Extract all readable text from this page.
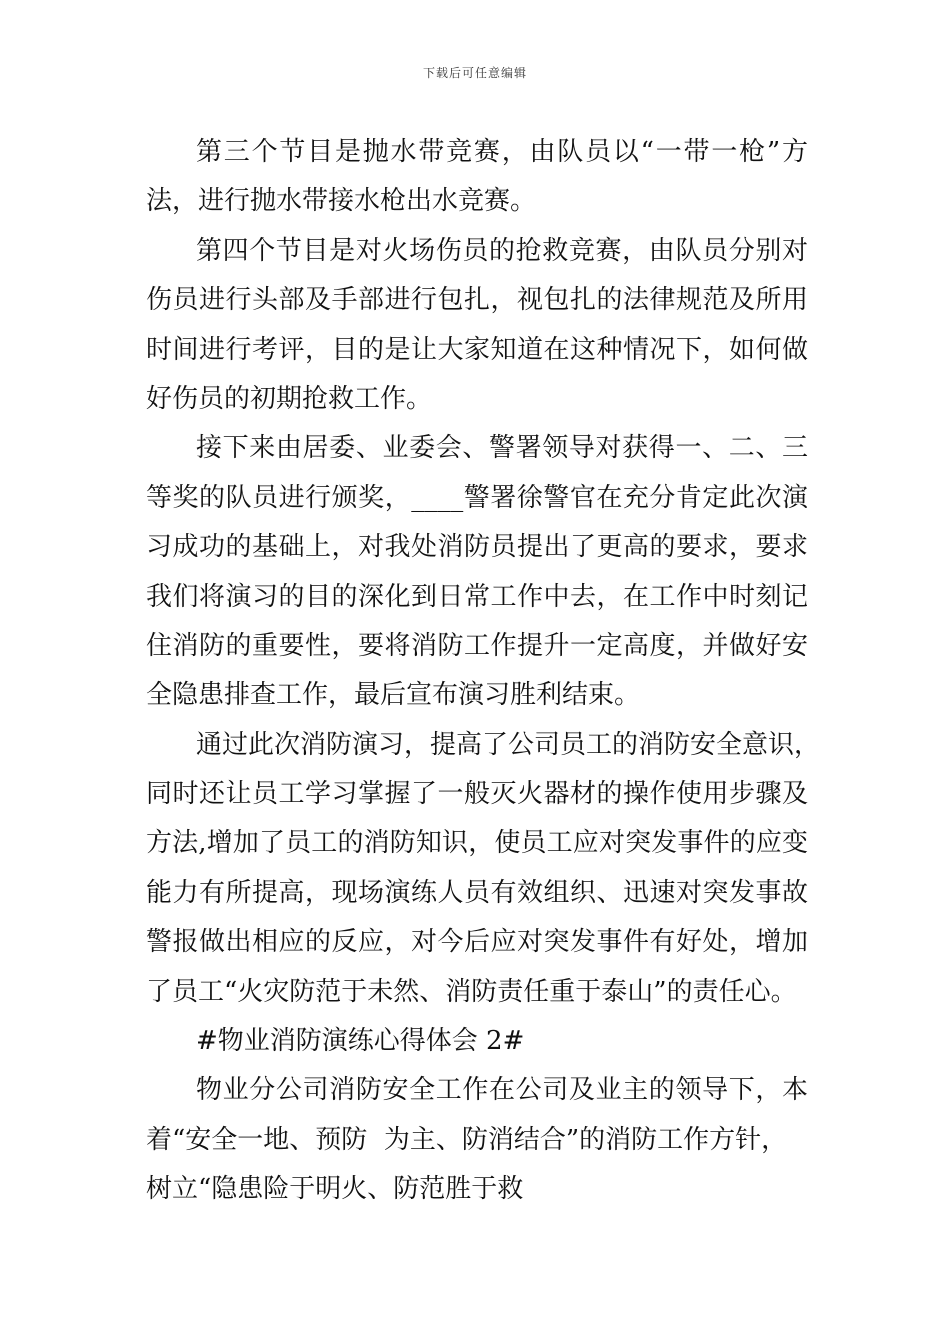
下载后可任意编辑

第三个节目是抛水带竞赛，由队员以“一带一枪”方
法，进行抛水带接水枪出水竞赛。

第四个节目是对火场伤员的抢救竞赛，由队员分别对
伤员进行头部及手部进行包扎，视包扎的法律规范及所用
时间进行考评，目的是让大家知道在这种情况下，如何做
好伤员的初期抢救工作。

接下来由居委、业委会、警署领导对获得一、二、三
等奖的队员进行颁奖，____警署徐警官在充分肯定此次演
习成功的基础上，对我处消防员提出了更高的要求，要求
我们将演习的目的深化到日常工作中去，在工作中时刻记
住消防的重要性，要将消防工作提升一定高度，并做好安
全隐患排查工作，最后宣布演习胜利结束。

通过此次消防演习，提高了公司员工的消防安全意识，
同时还让员工学习掌握了一般灭火器材的操作使用步骤及
方法,增加了员工的消防知识，使员工应对突发事件的应变
能力有所提高，现场演练人员有效组织、迅速对突发事故
警报做出相应的反应，对今后应对突发事件有好处，增加
了员工“火灾防范于未然、消防责任重于泰山”的责任心。

#物业消防演练心得体会 2#

物业分公司消防安全工作在公司及业主的领导下，本
着“安全一地、预防  为主、防消结合”的消防工作方针，
树立“隐患险于明火、防范胜于救
